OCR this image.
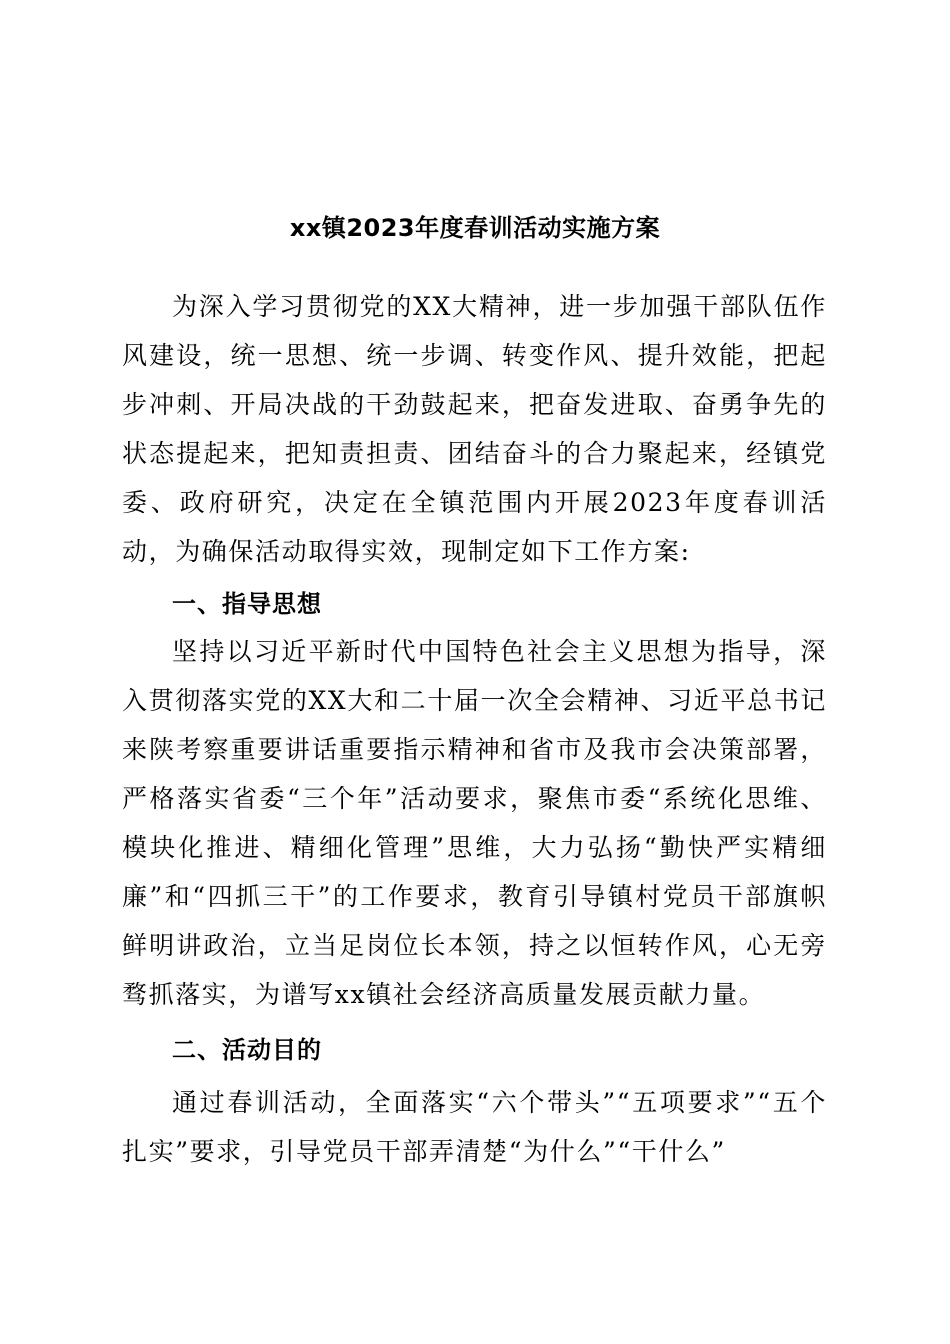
xx镇2023年度春训活动实施方案

为深入学习贯彻党的XX大精神，进一步加强干部队伍作风建设，统一思想、统一步调、转变作风、提升效能，把起步冲刺、开局决战的干劲鼓起来，把奋发进取、奋勇争先的状态提起来，把知责担责、团结奋斗的合力聚起来，经镇党委、政府研究，决定在全镇范围内开展2023年度春训活动，为确保活动取得实效，现制定如下工作方案:

一、指导思想

坚持以习近平新时代中国特色社会主义思想为指导，深入贯彻落实党的XX大和二十届一次全会精神、习近平总书记来陕考察重要讲话重要指示精神和省市及我市会决策部署，严格落实省委“三个年”活动要求，聚焦市委“系统化思维、模块化推进、精细化管理”思维，大力弘扬“勤快严实精细廉”和“四抓三干”的工作要求，教育引导镇村党员干部旗帜鲜明讲政治，立当足岗位长本领，持之以恒转作风，心无旁骛抓落实，为谱写xx镇社会经济高质量发展贡献力量。

二、活动目的

通过春训活动，全面落实“六个带头”“五项要求”“五个扎实”要求，引导党员干部弄清楚“为什么”“干什么”
